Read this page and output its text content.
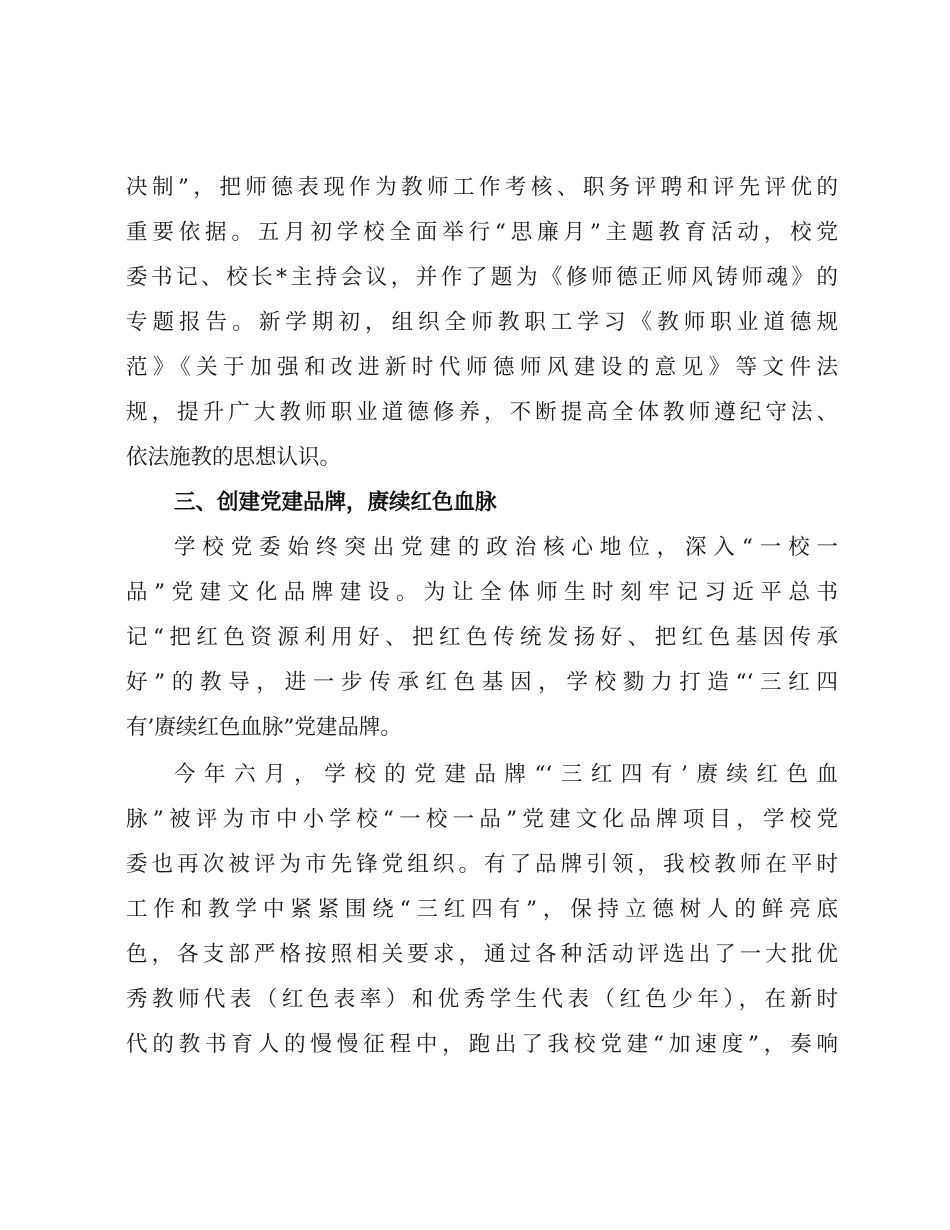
决制”，把师德表现作为教师工作考核、职务评聘和评先评优的
重要依据。五月初学校全面举行“思廉月”主题教育活动，校党
委书记、校长*主持会议，并作了题为《修师德正师风铸师魂》的
专题报告。新学期初，组织全师教职工学习《教师职业道德规
范》《关于加强和改进新时代师德师风建设的意见》等文件法
规，提升广大教师职业道德修养，不断提高全体教师遵纪守法、
依法施教的思想认识。
三、创建党建品牌，赓续红色血脉
学校党委始终突出党建的政治核心地位，深入“一校一
品”党建文化品牌建设。为让全体师生时刻牢记习近平总书
记“把红色资源利用好、把红色传统发扬好、把红色基因传承
好”的教导，进一步传承红色基因，学校勠力打造“‘三红四
有’赓续红色血脉”党建品牌。
今年六月，学校的党建品牌“‘三红四有’赓续红色血
脉”被评为市中小学校“一校一品”党建文化品牌项目，学校党
委也再次被评为市先锋党组织。有了品牌引领，我校教师在平时
工作和教学中紧紧围绕“三红四有”，保持立德树人的鲜亮底
色，各支部严格按照相关要求，通过各种活动评选出了一大批优
秀教师代表（红色表率）和优秀学生代表（红色少年），在新时
代的教书育人的慢慢征程中，跑出了我校党建“加速度”，奏响
